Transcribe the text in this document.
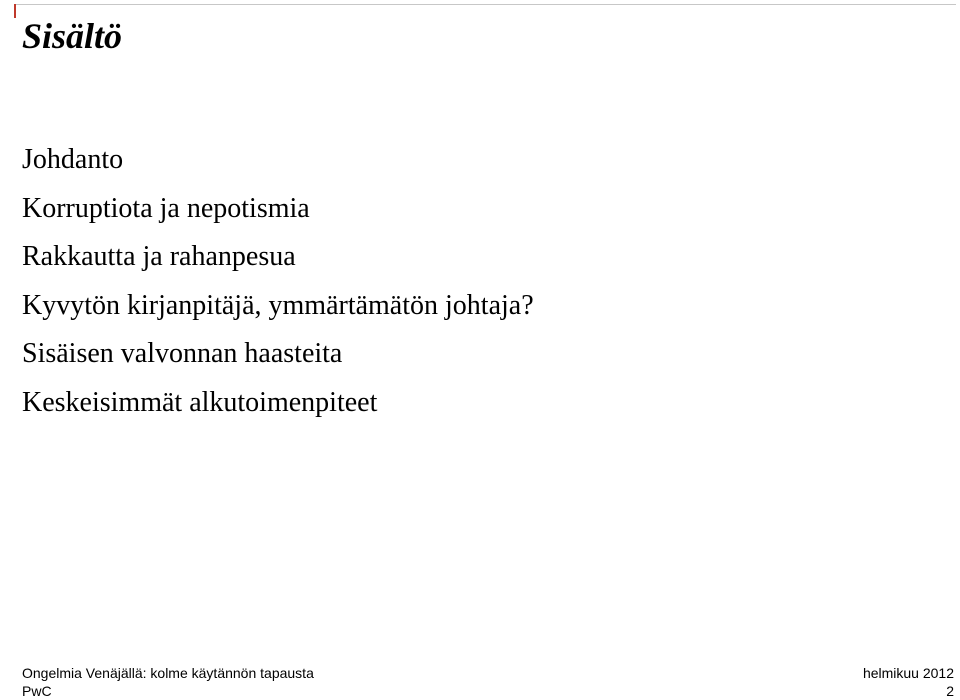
Sisältö
Johdanto
Korruptiota ja nepotismia
Rakkautta ja rahanpesua
Kyvytön kirjanpitäjä, ymmärtämätön johtaja?
Sisäisen valvonnan haasteita
Keskeisimmät alkutoimenpiteet
Ongelmia Venäjällä: kolme käytännön tapausta
PwC
helmikuu 2012
2
